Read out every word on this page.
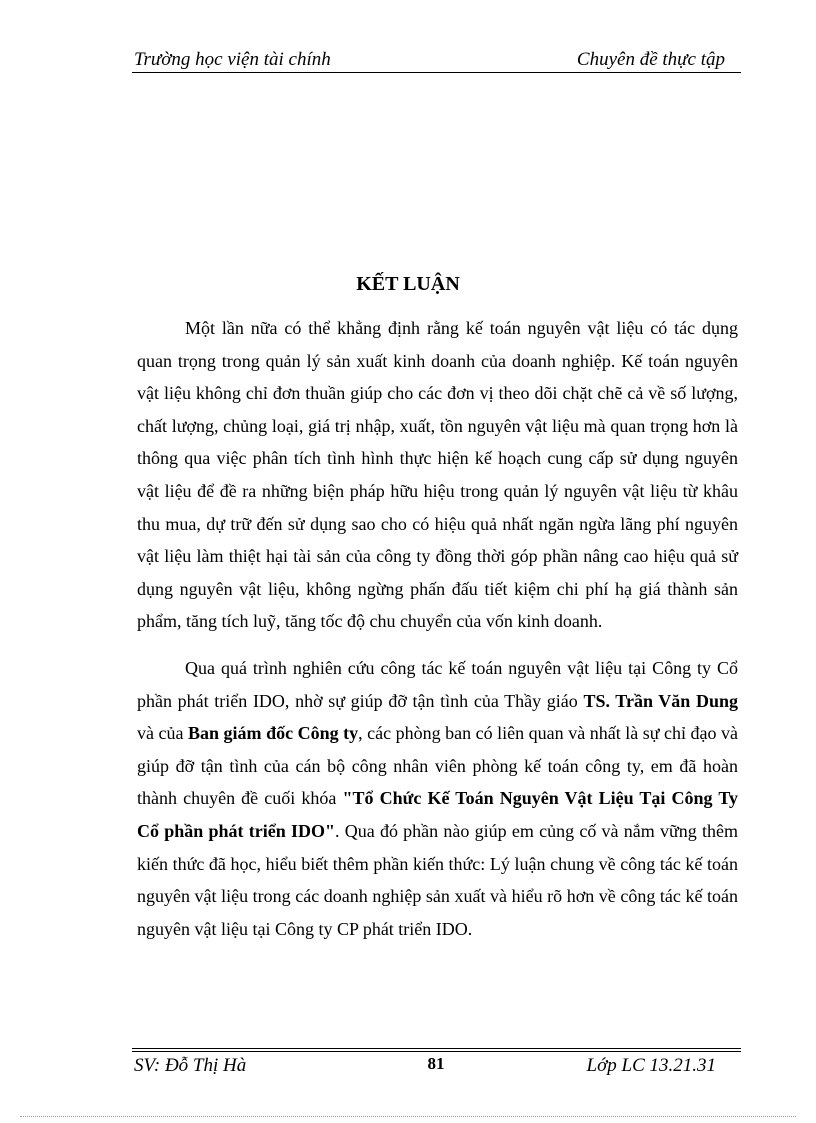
Trường học viện tài chính	Chuyên đề thực tập
KẾT LUẬN

Một lần nữa có thể khẳng định rằng kế toán nguyên vật liệu có tác dụng quan trọng trong quản lý sản xuất kinh doanh của doanh nghiệp. Kế toán nguyên vật liệu không chỉ đơn thuần giúp cho các đơn vị theo dõi chặt chẽ cả về số lượng, chất lượng, chủng loại, giá trị nhập, xuất, tồn nguyên vật liệu mà quan trọng hơn là thông qua việc phân tích tình hình thực hiện kế hoạch cung cấp sử dụng nguyên vật liệu để đề ra những biện pháp hữu hiệu trong quản lý nguyên vật liệu từ khâu thu mua, dự trữ đến sử dụng sao cho có hiệu quả nhất ngăn ngừa lãng phí nguyên vật liệu làm thiệt hại tài sản của công ty đồng thời góp phần nâng cao hiệu quả sử dụng nguyên vật liệu, không ngừng phấn đấu tiết kiệm chi phí hạ giá thành sản phẩm, tăng tích luỹ, tăng tốc độ chu chuyển của vốn kinh doanh.

Qua quá trình nghiên cứu công tác kế toán nguyên vật liệu tại Công ty Cổ phần phát triển IDO, nhờ sự giúp đỡ tận tình của Thầy giáo TS. Trần Văn Dung và của Ban giám đốc Công ty, các phòng ban có liên quan và nhất là sự chỉ đạo và giúp đỡ tận tình của cán bộ công nhân viên phòng kế toán công ty, em đã hoàn thành chuyên đề cuối khóa "Tổ Chức Kế Toán Nguyên Vật Liệu Tại Công Ty Cổ phần phát triển IDO". Qua đó phần nào giúp em củng cố và nắm vững thêm kiến thức đã học, hiểu biết thêm phần kiến thức: Lý luận chung về công tác kế toán nguyên vật liệu trong các doanh nghiệp sản xuất và hiểu rõ hơn về công tác kế toán nguyên vật liệu tại Công ty CP phát triển IDO.

SV: Đỗ Thị Hà	81	Lớp LC 13.21.31
